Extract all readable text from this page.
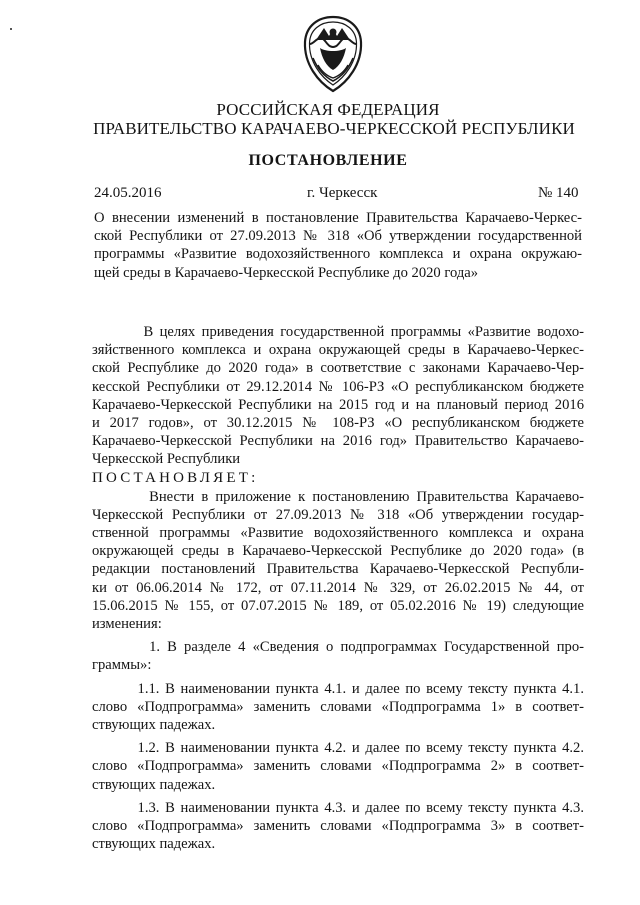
РОССИЙСКАЯ ФЕДЕРАЦИЯ
ПРАВИТЕЛЬСТВО КАРАЧАЕВО-ЧЕРКЕССКОЙ РЕСПУБЛИКИ
ПОСТАНОВЛЕНИЕ
24.05.2016	г. Черкесск	№ 140
О внесении изменений в постановление Правительства Карачаево-Черкес-
ской Республики от 27.09.2013 № 318 «Об утверждении государственной
программы «Развитие водохозяйственного комплекса и охрана окружаю-
щей среды в Карачаево-Черкесской Республике до 2020 года»
В целях приведения государственной программы «Развитие водохо-
зяйственного комплекса и охрана окружающей среды в Карачаево-Черкес-
ской Республике до 2020 года» в соответствие с законами Карачаево-Чер-
кесской Республики от 29.12.2014 № 106-РЗ «О республиканском бюджете
Карачаево-Черкесской Республики на 2015 год и на плановый период 2016
и 2017 годов», от 30.12.2015 № 108-РЗ «О республиканском бюджете
Карачаево-Черкесской Республики на 2016 год» Правительство Карачаево-
Черкесской Республики
ПОСТАНОВЛЯЕТ:
Внести в приложение к постановлению Правительства Карачаево-
Черкесской Республики от 27.09.2013 № 318 «Об утверждении государ-
ственной программы «Развитие водохозяйственного комплекса и охрана
окружающей среды в Карачаево-Черкесской Республике до 2020 года» (в
редакции постановлений Правительства Карачаево-Черкесской Республи-
ки от 06.06.2014 № 172, от 07.11.2014 № 329, от 26.02.2015 № 44, от
15.06.2015 № 155, от 07.07.2015 № 189, от 05.02.2016 № 19) следующие
изменения:
1. В разделе 4 «Сведения о подпрограммах Государственной про-
граммы»:
1.1. В наименовании пункта 4.1. и далее по всему тексту пункта 4.1.
слово «Подпрограмма» заменить словами «Подпрограмма 1» в соответ-
ствующих падежах.
1.2. В наименовании пункта 4.2. и далее по всему тексту пункта 4.2.
слово «Подпрограмма» заменить словами «Подпрограмма 2» в соответ-
ствующих падежах.
1.3. В наименовании пункта 4.3. и далее по всему тексту пункта 4.3.
слово «Подпрограмма» заменить словами «Подпрограмма 3» в соответ-
ствующих падежах.
